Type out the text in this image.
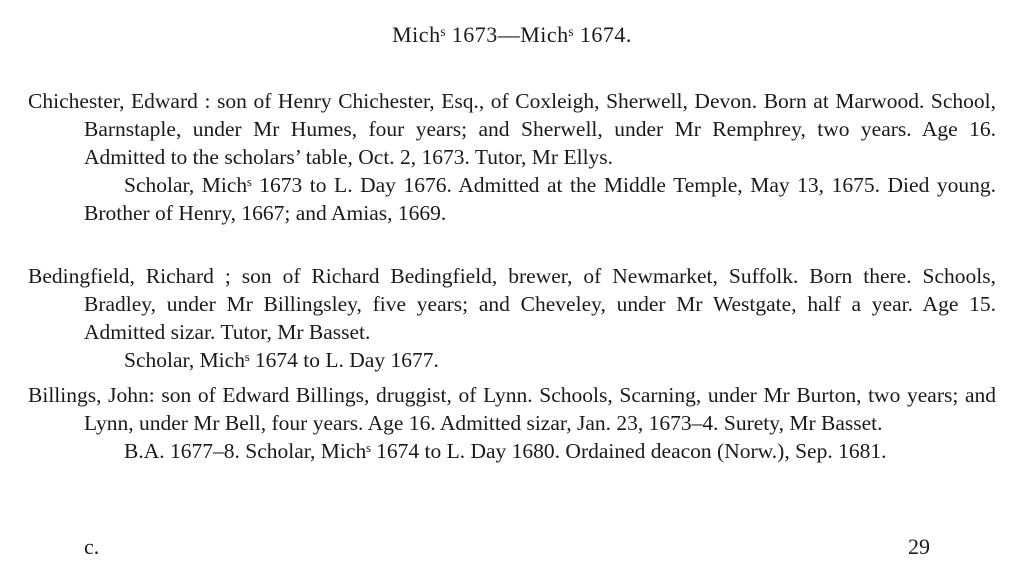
Michˢ 1673—Michˢ 1674.

Chichester, Edward : son of Henry Chichester, Esq., of Coxleigh, Sherwell, Devon. Born at Marwood. School, Barnstaple, under Mr Humes, four years; and Sherwell, under Mr Remphrey, two years. Age 16. Admitted to the scholars’ table, Oct. 2, 1673. Tutor, Mr Ellys.

Scholar, Michˢ 1673 to L. Day 1676. Admitted at the Middle Temple, May 13, 1675. Died young. Brother of Henry, 1667; and Amias, 1669.

Bedingfield, Richard ; son of Richard Bedingfield, brewer, of Newmarket, Suffolk. Born there. Schools, Bradley, under Mr Billingsley, five years; and Cheveley, under Mr Westgate, half a year. Age 15. Admitted sizar. Tutor, Mr Basset.

Scholar, Michˢ 1674 to L. Day 1677.

Billings, John: son of Edward Billings, druggist, of Lynn. Schools, Scarning, under Mr Burton, two years; and Lynn, under Mr Bell, four years. Age 16. Admitted sizar, Jan. 23, 1673–4. Surety, Mr Basset.

B.A. 1677–8. Scholar, Michˢ 1674 to L. Day 1680. Ordained deacon (Norw.), Sep. 1681.

c.	29
